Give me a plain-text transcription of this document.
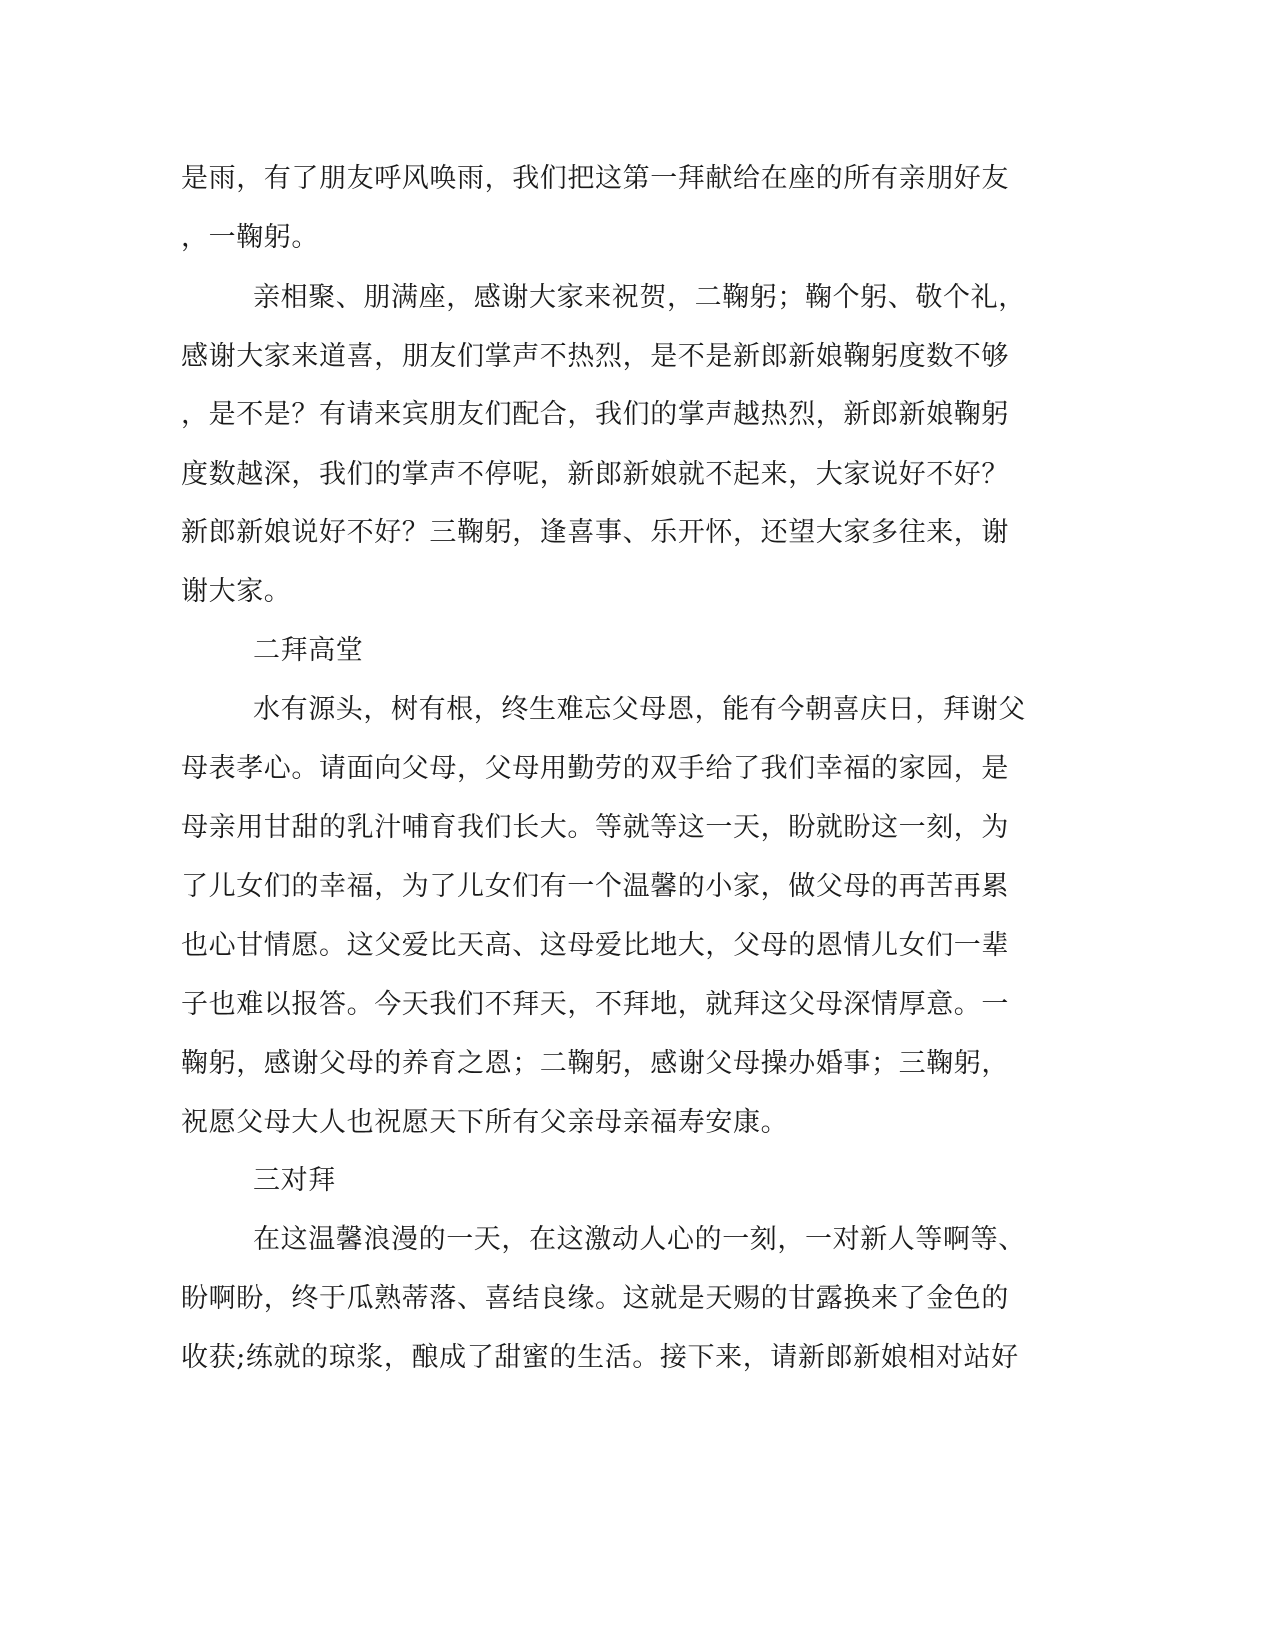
是雨，有了朋友呼风唤雨，我们把这第一拜献给在座的所有亲朋好友
，一鞠躬。
亲相聚、朋满座，感谢大家来祝贺，二鞠躬；鞠个躬、敬个礼，
感谢大家来道喜，朋友们掌声不热烈，是不是新郎新娘鞠躬度数不够
，是不是？有请来宾朋友们配合，我们的掌声越热烈，新郎新娘鞠躬
度数越深，我们的掌声不停呢，新郎新娘就不起来，大家说好不好？
新郎新娘说好不好？三鞠躬，逢喜事、乐开怀，还望大家多往来，谢
谢大家。
二拜高堂
水有源头，树有根，终生难忘父母恩，能有今朝喜庆日，拜谢父
母表孝心。请面向父母，父母用勤劳的双手给了我们幸福的家园，是
母亲用甘甜的乳汁哺育我们长大。等就等这一天，盼就盼这一刻，为
了儿女们的幸福，为了儿女们有一个温馨的小家，做父母的再苦再累
也心甘情愿。这父爱比天高、这母爱比地大，父母的恩情儿女们一辈
子也难以报答。今天我们不拜天，不拜地，就拜这父母深情厚意。一
鞠躬，感谢父母的养育之恩；二鞠躬，感谢父母操办婚事；三鞠躬，
祝愿父母大人也祝愿天下所有父亲母亲福寿安康。
三对拜
在这温馨浪漫的一天，在这激动人心的一刻，一对新人等啊等、
盼啊盼，终于瓜熟蒂落、喜结良缘。这就是天赐的甘露换来了金色的
收获;练就的琼浆，酿成了甜蜜的生活。接下来，请新郎新娘相对站好
